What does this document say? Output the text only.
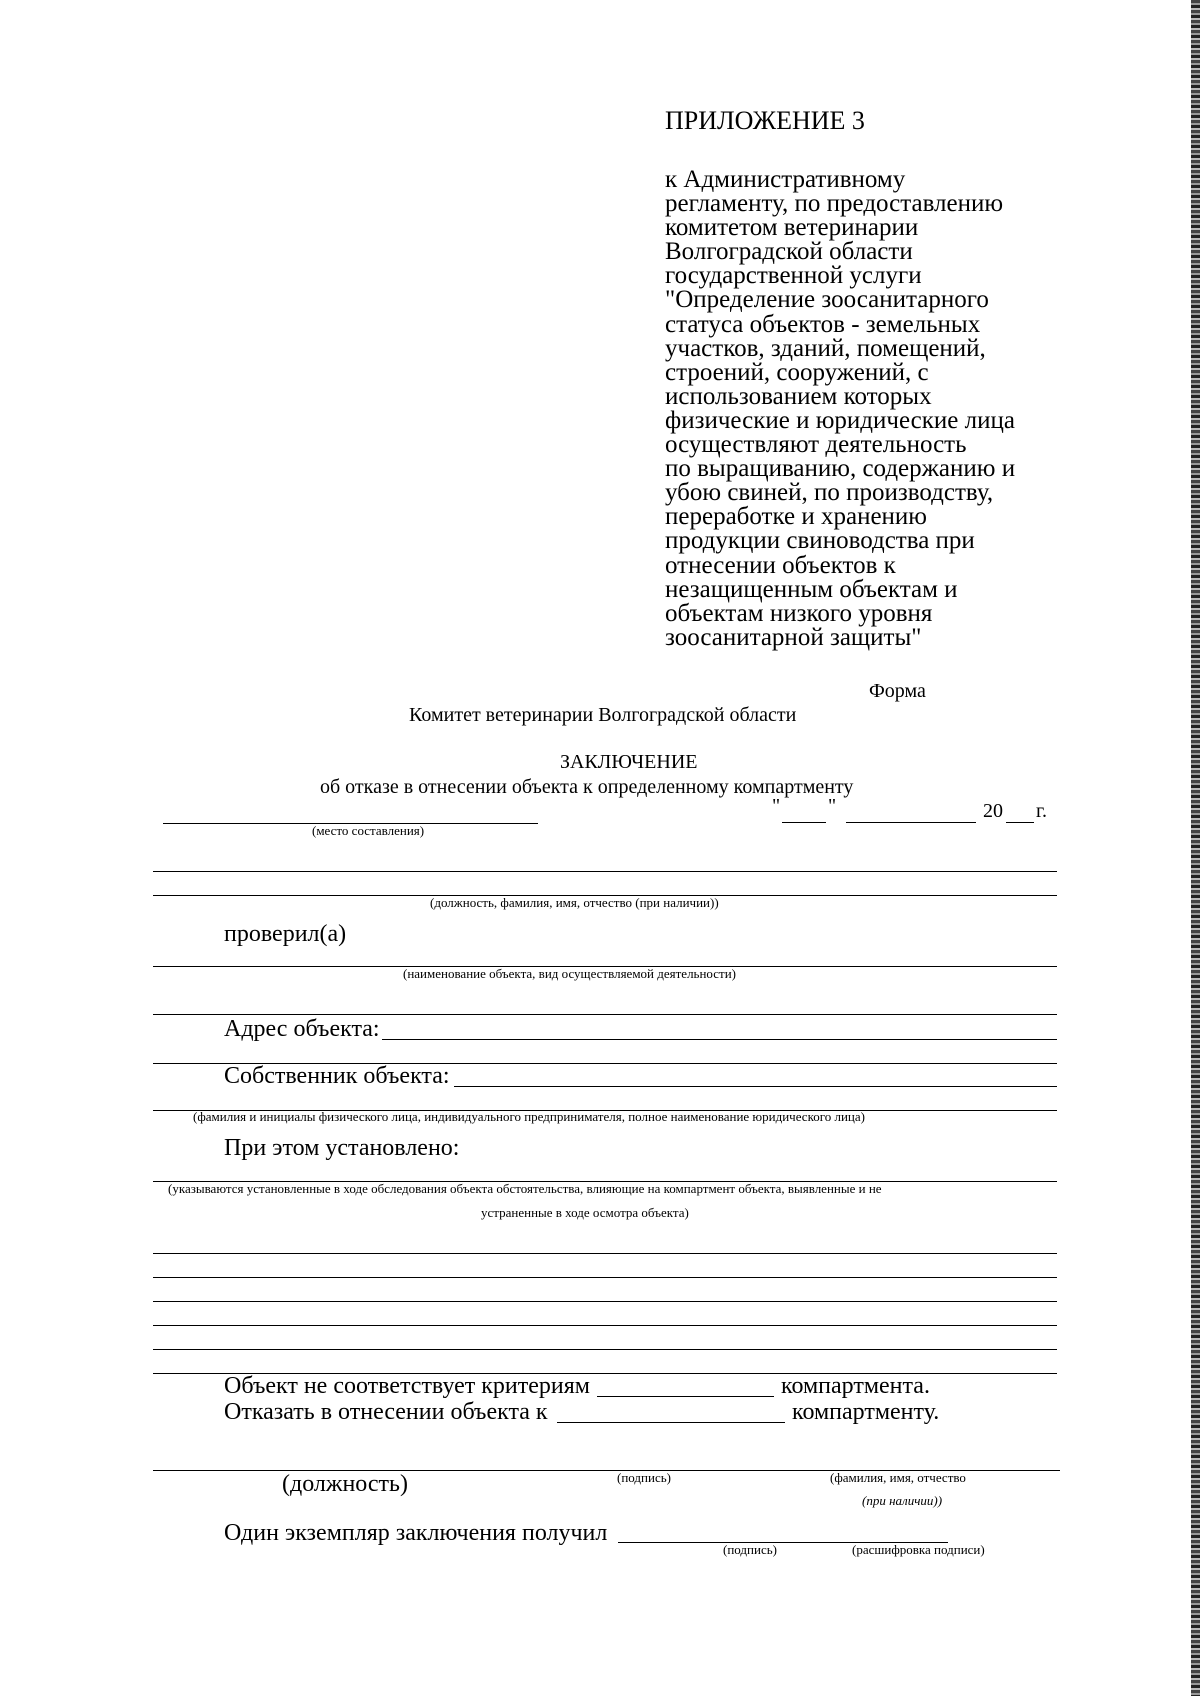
ПРИЛОЖЕНИЕ 3
к Административному
регламенту, по предоставлению
комитетом ветеринарии
Волгоградской области
государственной услуги
"Определение зоосанитарного
статуса объектов - земельных
участков, зданий, помещений,
строений, сооружений, с
использованием которых
физические и юридические лица
осуществляют деятельность
по выращиванию, содержанию и
убою свиней, по производству,
переработке и хранению
продукции свиноводства при
отнесении объектов к
незащищенным объектам и
объектам низкого уровня
зоосанитарной защиты"
Форма
Комитет ветеринарии Волгоградской области
ЗАКЛЮЧЕНИЕ
об отказе в отнесении объекта к определенному компартменту
(место составления)
" "	20 г.
(должность, фамилия, имя, отчество (при наличии))
проверил(а)
(наименование объекта, вид осуществляемой деятельности)
Адрес объекта:
Собственник объекта:
(фамилия и инициалы физического лица, индивидуального предпринимателя, полное наименование юридического лица)
При этом установлено:
(указываются установленные в ходе обследования объекта обстоятельства, влияющие на компартмент объекта, выявленные и не
устраненные в ходе осмотра объекта)
Объект не соответствует критериям	компартмента.
Отказать в отнесении объекта к	компартменту.
(должность)	(подпись)	(фамилия, имя, отчество
(при наличии))
Один экземпляр заключения получил
(подпись)	(расшифровка подписи)
